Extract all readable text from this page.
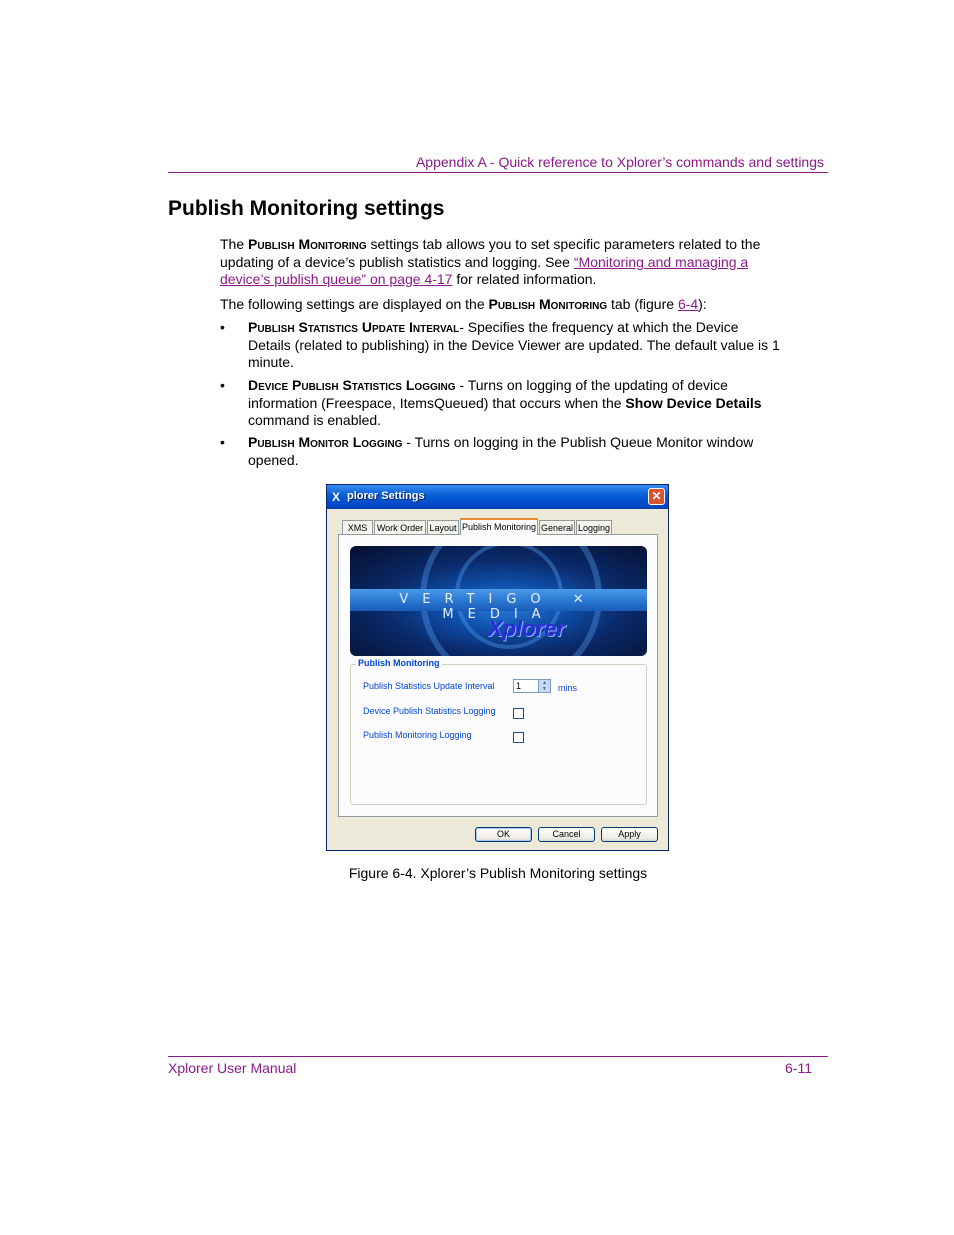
Appendix A - Quick reference to Xplorer’s commands and settings
Publish Monitoring settings
The Publish Monitoring settings tab allows you to set specific parameters related to the updating of a device’s publish statistics and logging. See “Monitoring and managing a device’s publish queue” on page 4-17 for related information.
The following settings are displayed on the Publish Monitoring tab (figure 6-4):
• Publish Statistics Update Interval- Specifies the frequency at which the Device Details (related to publishing) in the Device Viewer are updated. The default value is 1 minute.
• Device Publish Statistics Logging - Turns on logging of the updating of device information (Freespace, ItemsQueued) that occurs when the Show Device Details command is enabled.
• Publish Monitor Logging - Turns on logging in the Publish Queue Monitor window opened.
X plorer Settings	✕
XMS	Work Order Layout Publish Monitoring General Logging
VERTIGO ✕ MEDIA
Xplorer
Publish Monitoring
Publish Statistics Update Interval	1	▲
▼	mins
Device Publish Statistics Logging
Publish Monitoring Logging
OK	Cancel	Apply
Figure 6-4. Xplorer’s Publish Monitoring settings
Xplorer User Manual	6-11
